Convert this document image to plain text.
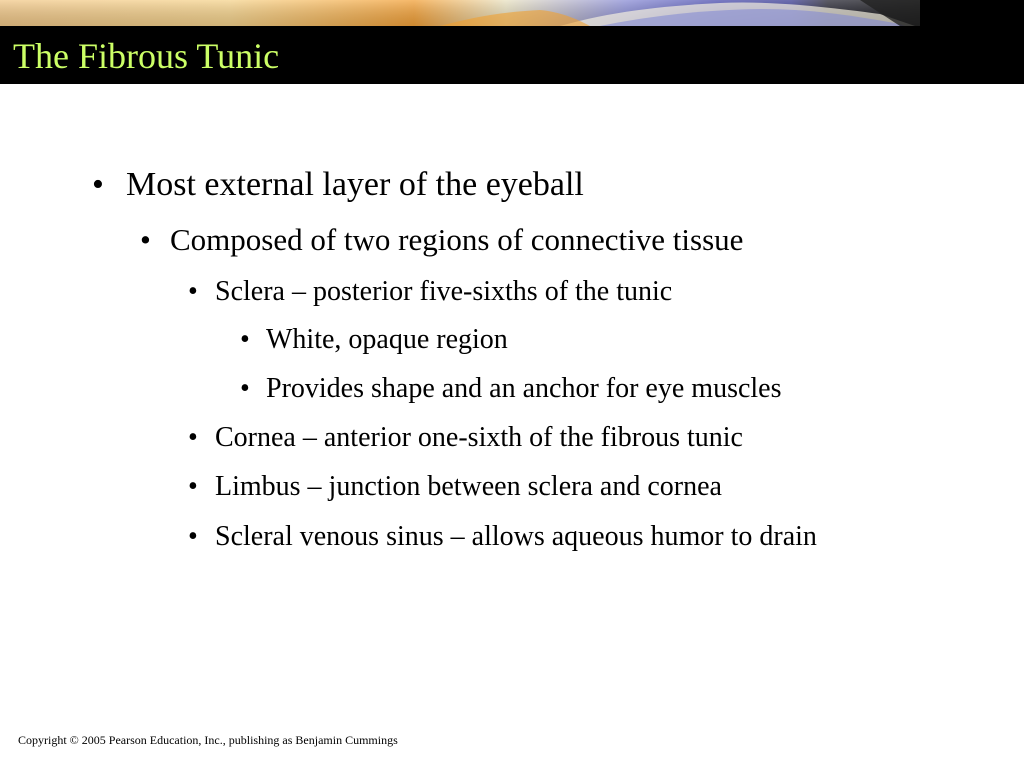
The Fibrous Tunic
• Most external layer of the eyeball
• Composed of two regions of connective tissue
• Sclera – posterior five-sixths of the tunic
• White, opaque region
• Provides shape and an anchor for eye muscles
• Cornea – anterior one-sixth of the fibrous tunic
• Limbus – junction between sclera and cornea
• Scleral venous sinus – allows aqueous humor to drain
Copyright © 2005 Pearson Education, Inc., publishing as Benjamin Cummings
